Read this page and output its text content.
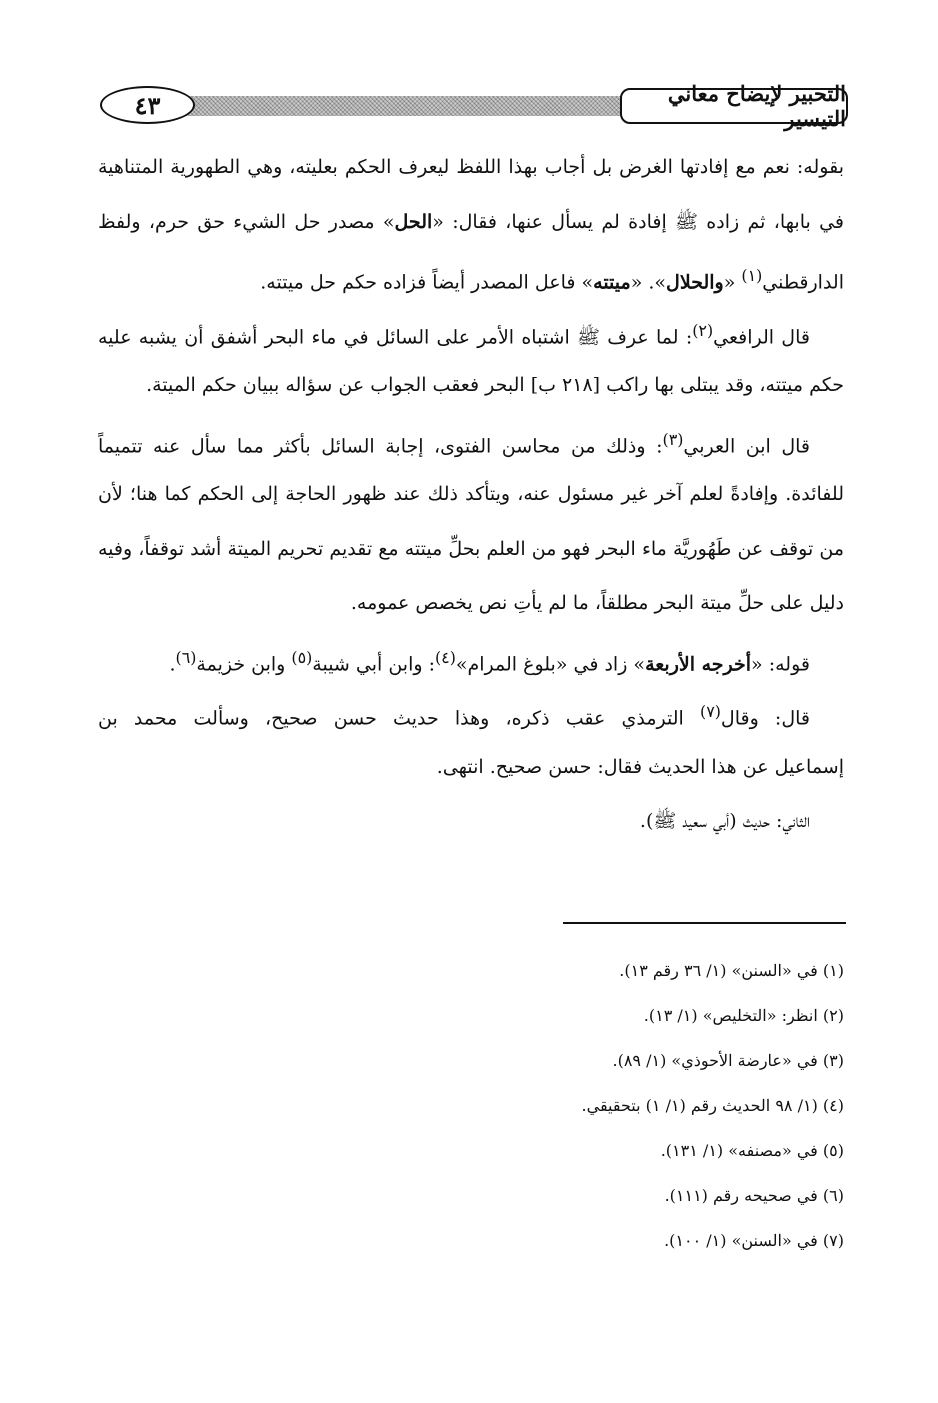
التحبير لإيضاح معاني التيسير
٤٣
بقوله: نعم مع إفادتها الغرض بل أجاب بهذا اللفظ ليعرف الحكم بعليته، وهي الطهورية المتناهية
في بابها، ثم زاده ﷺ إفادة لم يسأل عنها، فقال: «الحل» مصدر حل الشيء حق حرم، ولفظ
الدارقطني$^{(١)}$ «والحلال». «ميتته» فاعل المصدر أيضاً فزاده حكم حل ميتته.
قال الرافعي$^{(٢)}$: لما عرف ﷺ اشتباه الأمر على السائل في ماء البحر أشفق أن يشبه عليه
حكم ميتته، وقد يبتلى بها راكب [٢١٨ ب] البحر فعقب الجواب عن سؤاله ببيان حكم الميتة.
قال ابن العربي$^{(٣)}$: وذلك من محاسن الفتوى، إجابة السائل بأكثر مما سأل عنه تتميماً
للفائدة. وإفادةً لعلم آخر غير مسئول عنه، ويتأكد ذلك عند ظهور الحاجة إلى الحكم كما هنا؛ لأن
من توقف عن طَهُوريَّة ماء البحر فهو من العلم بحلِّ ميتته مع تقديم تحريم الميتة أشد توقفاً، وفيه
دليل على حلِّ ميتة البحر مطلقاً، ما لم يأتِ نص يخصص عمومه.
قوله: «أخرجه الأربعة» زاد في «بلوغ المرام»$^{(٤)}$: وابن أبي شيبة$^{(٥)}$ وابن خزيمة$^{(٦)}$.
قال: وقال$^{(٧)}$ الترمذي عقب ذكره، وهذا حديث حسن صحيح، وسألت محمد بن
إسماعيل عن هذا الحديث فقال: حسن صحيح. انتهى.
الثاني: حديث (أبي سعيد ﷺ).
(١) في «السنن» (١/ ٣٦ رقم ١٣).
(٢) انظر: «التخليص» (١/ ١٣).
(٣) في «عارضة الأحوذي» (١/ ٨٩).
(٤) (١/ ٩٨ الحديث رقم (١/ ١) بتحقيقي.
(٥) في «مصنفه» (١/ ١٣١).
(٦) في صحيحه رقم (١١١).
(٧) في «السنن» (١/ ١٠٠).
